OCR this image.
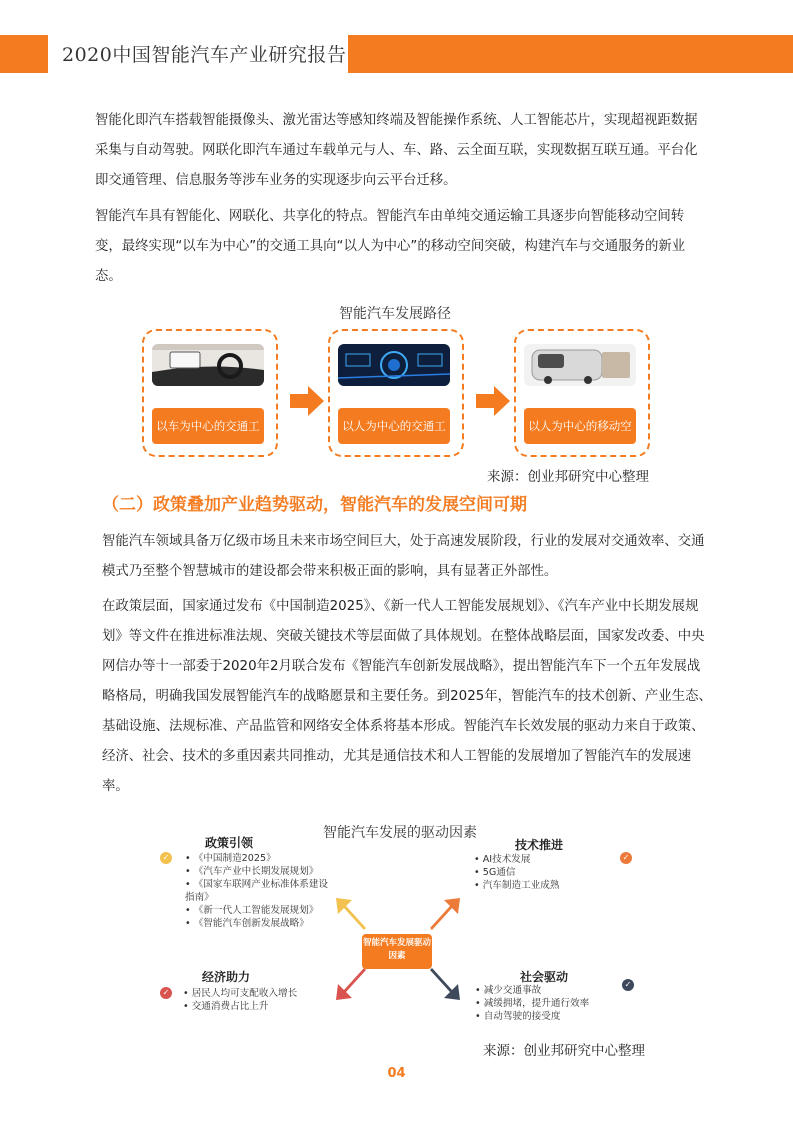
2020中国智能汽车产业研究报告
智能化即汽车搭载智能摄像头、激光雷达等感知终端及智能操作系统、人工智能芯片，实现超视距数据采集与自动驾驶。网联化即汽车通过车载单元与人、车、路、云全面互联，实现数据互联互通。平台化即交通管理、信息服务等涉车业务的实现逐步向云平台迁移。
智能汽车具有智能化、网联化、共享化的特点。智能汽车由单纯交通运输工具逐步向智能移动空间转变，最终实现“以车为中心”的交通工具向“以人为中心”的移动空间突破，构建汽车与交通服务的新业态。
智能汽车发展路径
以车为中心的交通工具
以人为中心的交通工具
以人为中心的移动空间
来源：创业邦研究中心整理
（二）政策叠加产业趋势驱动，智能汽车的发展空间可期
智能汽车领域具备万亿级市场且未来市场空间巨大，处于高速发展阶段，行业的发展对交通效率、交通模式乃至整个智慧城市的建设都会带来积极正面的影响，具有显著正外部性。
在政策层面，国家通过发布《中国制造2025》、《新一代人工智能发展规划》、《汽车产业中长期发展规划》等文件在推进标准法规、突破关键技术等层面做了具体规划。在整体战略层面，国家发改委、中央网信办等十一部委于2020年2月联合发布《智能汽车创新发展战略》，提出智能汽车下一个五年发展战略格局，明确我国发展智能汽车的战略愿景和主要任务。到2025年，智能汽车的技术创新、产业生态、基础设施、法规标准、产品监管和网络安全体系将基本形成。智能汽车长效发展的驱动力来自于政策、经济、社会、技术的多重因素共同推动，尤其是通信技术和人工智能的发展增加了智能汽车的发展速率。
智能汽车发展的驱动因素
政策引领
✓	• 《中国制造2025》
• 《汽车产业中长期发展规划》
• 《国家车联网产业标准体系建设指南》
• 《新一代人工智能发展规划》
• 《智能汽车创新发展战略》
技术推进
✓
• AI技术发展
• 5G通信
• 汽车制造工业成熟
智能汽车发展驱动因素
经济助力
✓	• 居民人均可支配收入增长
• 交通消费占比上升
社会驱动
✓
• 减少交通事故
• 减缓拥堵，提升通行效率
• 自动驾驶的接受度
来源：创业邦研究中心整理
04
